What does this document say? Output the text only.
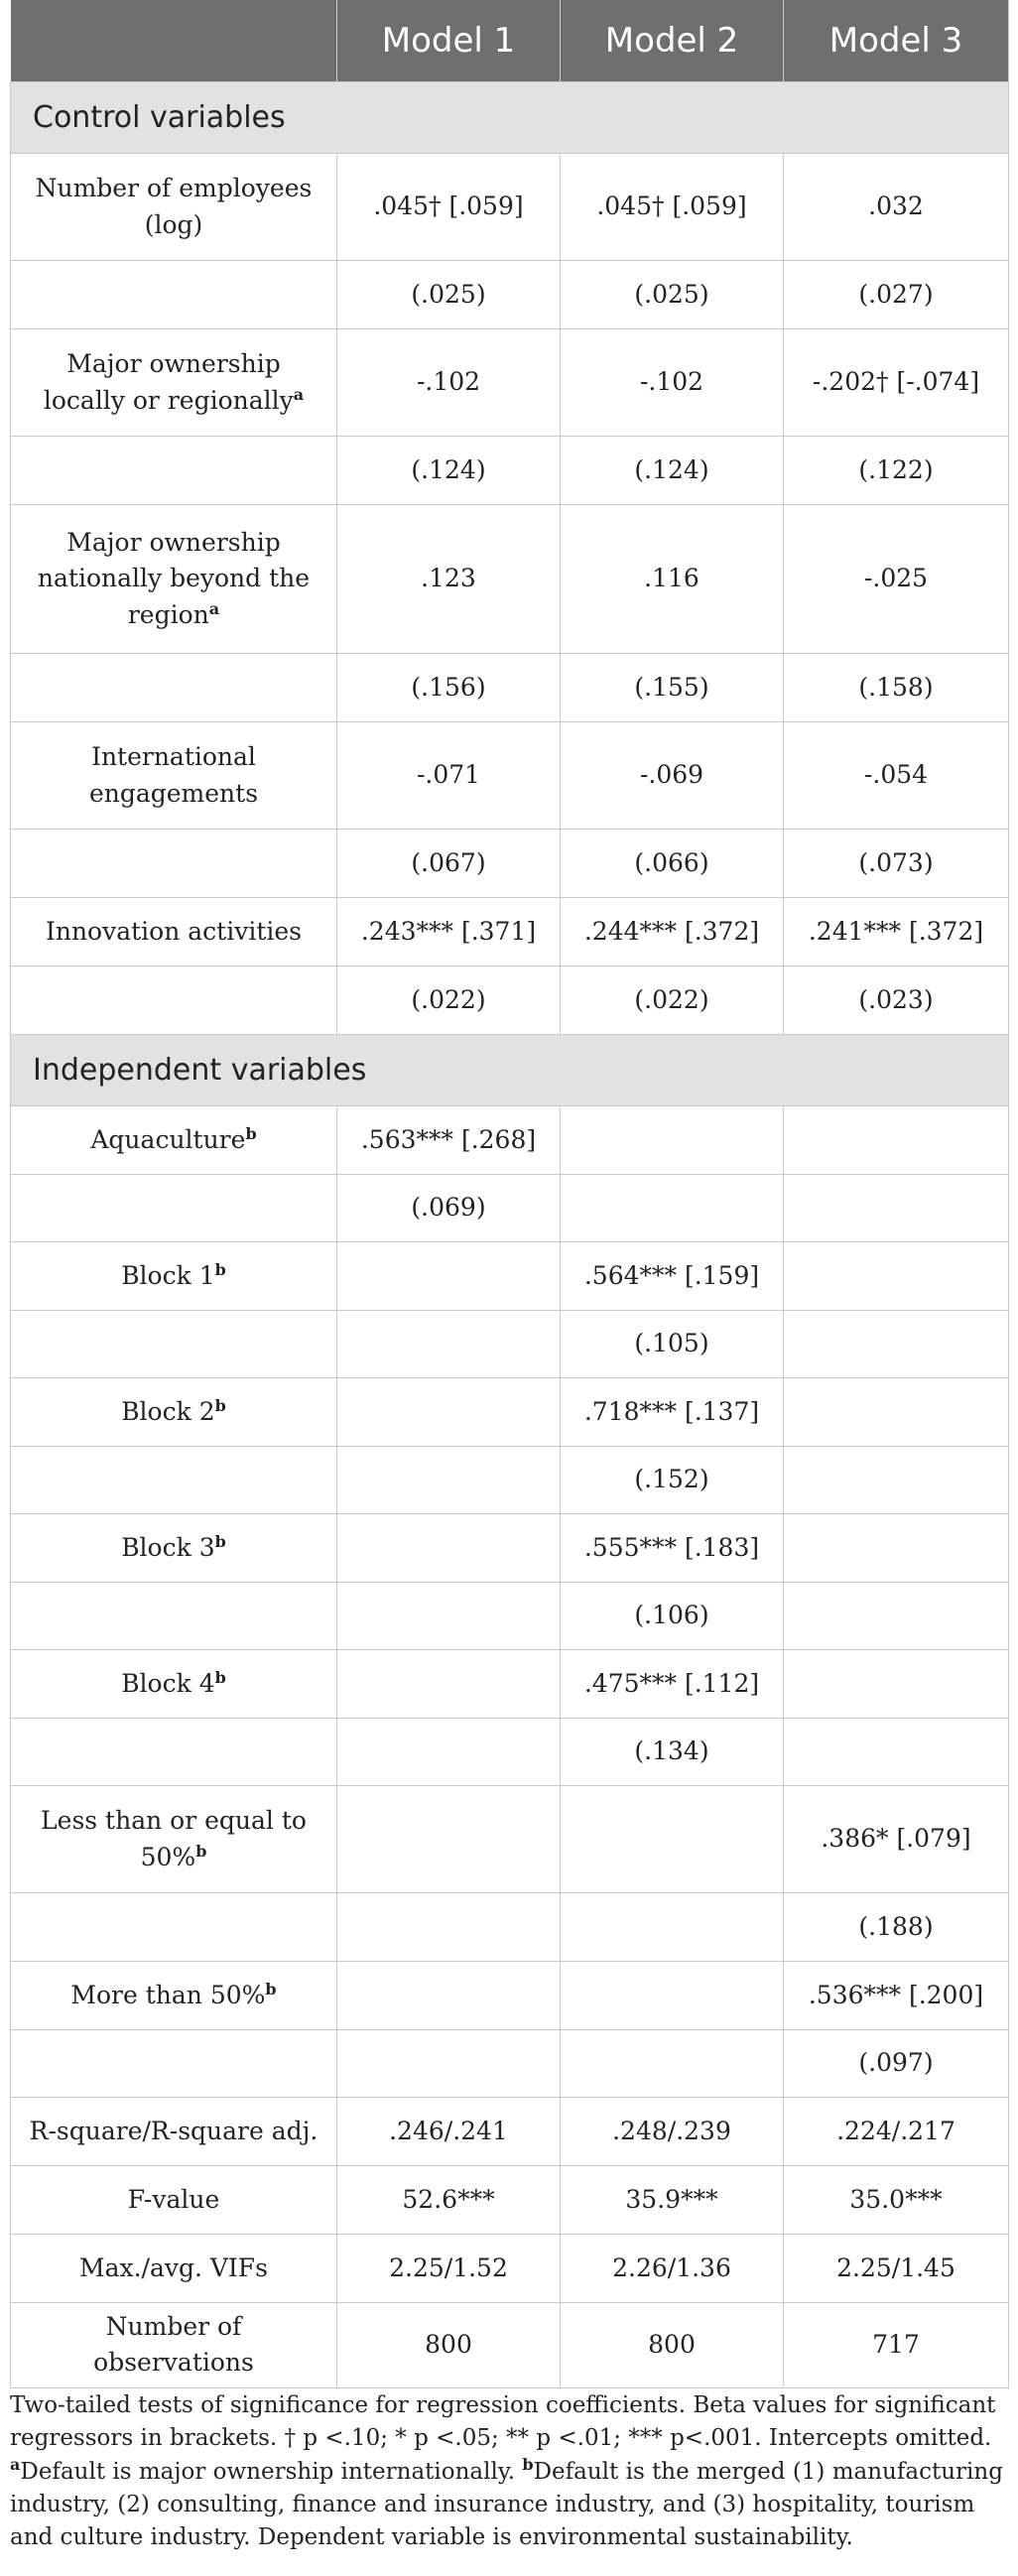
	Model 1	Model 2	Model 3
Control variables			
Number of employees (log)	.045† [.059]	.045† [.059]	.032
	(.025)	(.025)	(.027)
Major ownership locally or regionally$^a$	-.102	-.102	-.202† [-.074]
	(.124)	(.124)	(.122)
Major ownership nationally beyond the region$^a$	.123	.116	-.025
	(.156)	(.155)	(.158)
International engagements	-.071	-.069	-.054
	(.067)	(.066)	(.073)
Innovation activities	.243*** [.371]	.244*** [.372]	.241*** [.372]
	(.022)	(.022)	(.023)
Independent variables			
Aquaculture$^b$	.563*** [.268]		
	(.069)		
Block 1$^b$		.564*** [.159]	
		(.105)	
Block 2$^b$		.718*** [.137]	
		(.152)	
Block 3$^b$		.555*** [.183]	
		(.106)	
Block 4$^b$		.475*** [.112]	
		(.134)	
Less than or equal to 50%$^b$			.386* [.079]
			(.188)
More than 50%$^b$			.536*** [.200]
			(.097)
R-square/R-square adj.	.246/.241	.248/.239	.224/.217
F-value	52.6***	35.9***	35.0***
Max./avg. VIFs	2.25/1.52	2.26/1.36	2.25/1.45
Number of observations	800	800	717
Two-tailed tests of significance for regression coefficients. Beta values for significant regressors in brackets. † p <.10; * p <.05; ** p <.01; *** p<.001. Intercepts omitted. $^a$Default is major ownership internationally. $^b$Default is the merged (1) manufacturing industry, (2) consulting, finance and insurance industry, and (3) hospitality, tourism and culture industry. Dependent variable is environmental sustainability.
